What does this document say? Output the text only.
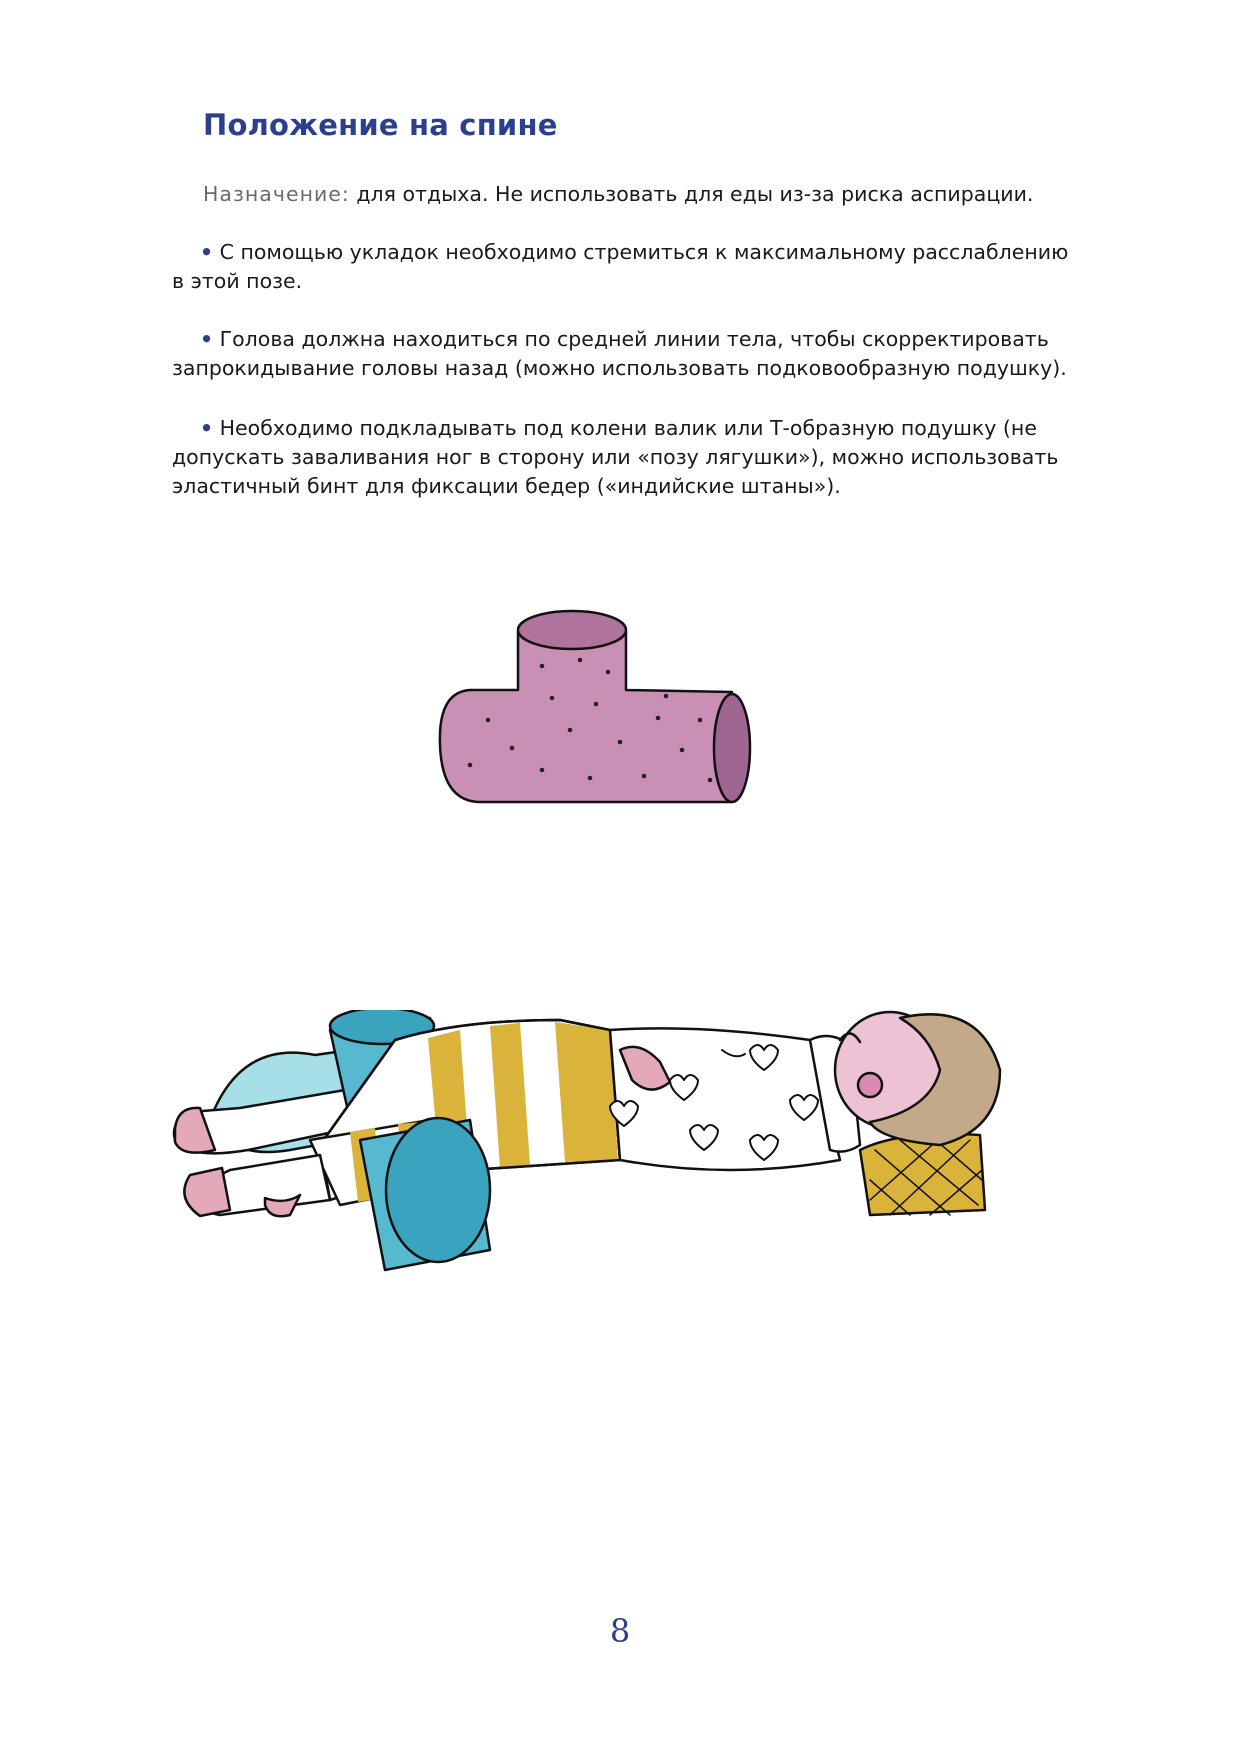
Положение на спине

Назначение: для отдыха. Не использовать для еды из-за риска аспирации.

• С помощью укладок необходимо стремиться к максимальному расслаблению
в этой позе.

• Голова должна находиться по средней линии тела, чтобы скорректировать
запрокидывание головы назад (можно использовать подковообразную подушку).

• Необходимо подкладывать под колени валик или Т-образную подушку (не
допускать заваливания ног в сторону или «позу лягушки»), можно использовать эластичный бинт для фиксации бедер («индийские штаны»).

8
